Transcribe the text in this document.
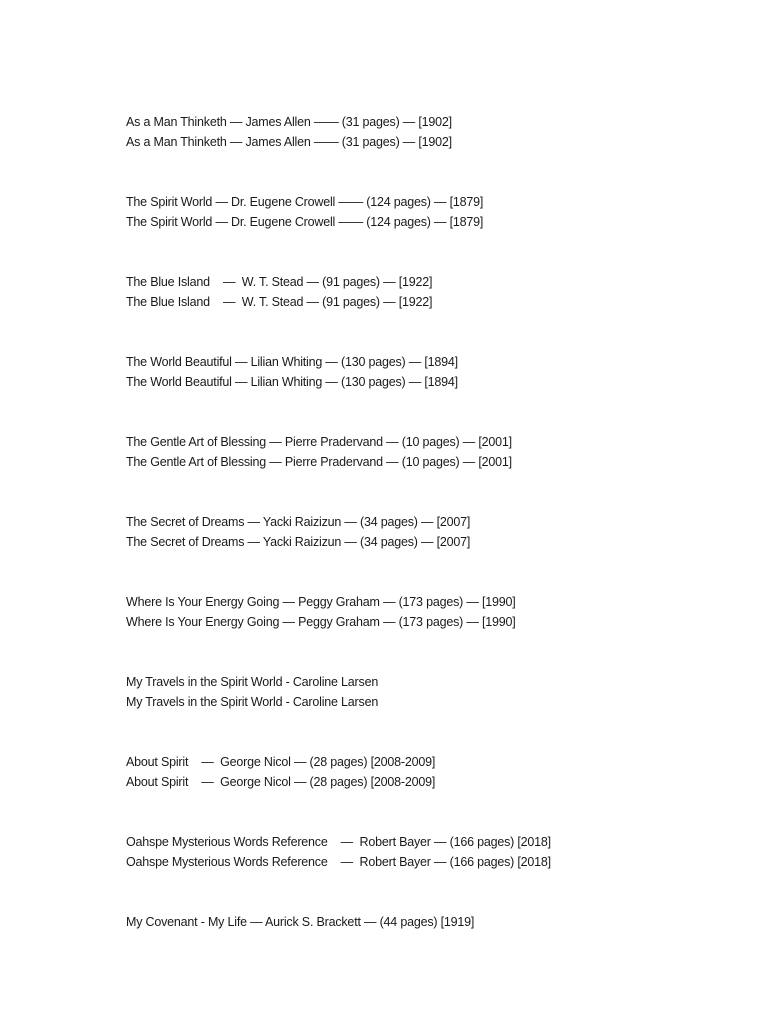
As a Man Thinketh — James Allen —— (31 pages) — [1902]
As a Man Thinketh — James Allen —— (31 pages) — [1902]
The Spirit World — Dr. Eugene Crowell —— (124 pages) — [1879]
The Spirit World — Dr. Eugene Crowell —— (124 pages) — [1879]
The Blue Island    —  W. T. Stead — (91 pages) — [1922]
The Blue Island    —  W. T. Stead — (91 pages) — [1922]
The World Beautiful — Lilian Whiting — (130 pages) — [1894]
The World Beautiful — Lilian Whiting — (130 pages) — [1894]
The Gentle Art of Blessing — Pierre Pradervand — (10 pages) — [2001]
The Gentle Art of Blessing — Pierre Pradervand — (10 pages) — [2001]
The Secret of Dreams — Yacki Raizizun — (34 pages) — [2007]
The Secret of Dreams — Yacki Raizizun — (34 pages) — [2007]
Where Is Your Energy Going — Peggy Graham — (173 pages) — [1990]
Where Is Your Energy Going — Peggy Graham — (173 pages) — [1990]
My Travels in the Spirit World - Caroline Larsen
My Travels in the Spirit World - Caroline Larsen
About Spirit    —  George Nicol — (28 pages) [2008-2009]
About Spirit    —  George Nicol — (28 pages) [2008-2009]
Oahspe Mysterious Words Reference    —  Robert Bayer — (166 pages) [2018]
Oahspe Mysterious Words Reference    —  Robert Bayer — (166 pages) [2018]
My Covenant - My Life — Aurick S. Brackett — (44 pages) [1919]
